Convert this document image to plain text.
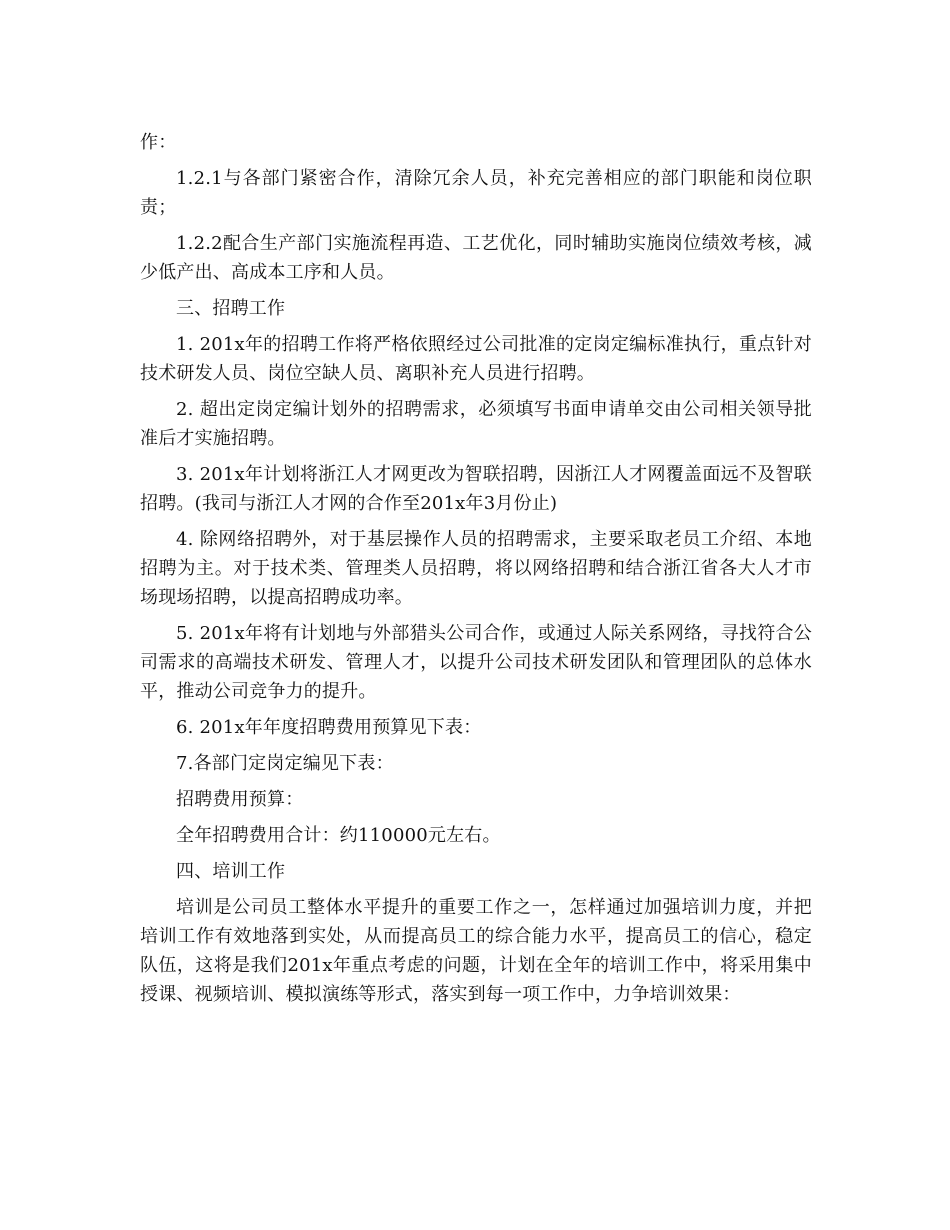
作：

1.2.1与各部门紧密合作，清除冗余人员，补充完善相应的部门职能和岗位职责；

1.2.2配合生产部门实施流程再造、工艺优化，同时辅助实施岗位绩效考核，减少低产出、高成本工序和人员。

三、招聘工作

1. 201x年的招聘工作将严格依照经过公司批准的定岗定编标准执行，重点针对技术研发人员、岗位空缺人员、离职补充人员进行招聘。

2. 超出定岗定编计划外的招聘需求，必须填写书面申请单交由公司相关领导批准后才实施招聘。

3. 201x年计划将浙江人才网更改为智联招聘，因浙江人才网覆盖面远不及智联招聘。(我司与浙江人才网的合作至201x年3月份止)

4. 除网络招聘外，对于基层操作人员的招聘需求，主要采取老员工介绍、本地招聘为主。对于技术类、管理类人员招聘，将以网络招聘和结合浙江省各大人才市场现场招聘，以提高招聘成功率。

5. 201x年将有计划地与外部猎头公司合作，或通过人际关系网络，寻找符合公司需求的高端技术研发、管理人才，以提升公司技术研发团队和管理团队的总体水平，推动公司竞争力的提升。

6. 201x年年度招聘费用预算见下表：

7.各部门定岗定编见下表：

招聘费用预算：

全年招聘费用合计：约110000元左右。

四、培训工作

培训是公司员工整体水平提升的重要工作之一，怎样通过加强培训力度，并把培训工作有效地落到实处，从而提高员工的综合能力水平，提高员工的信心，稳定队伍，这将是我们201x年重点考虑的问题，计划在全年的培训工作中，将采用集中授课、视频培训、模拟演练等形式，落实到每一项工作中，力争培训效果：
